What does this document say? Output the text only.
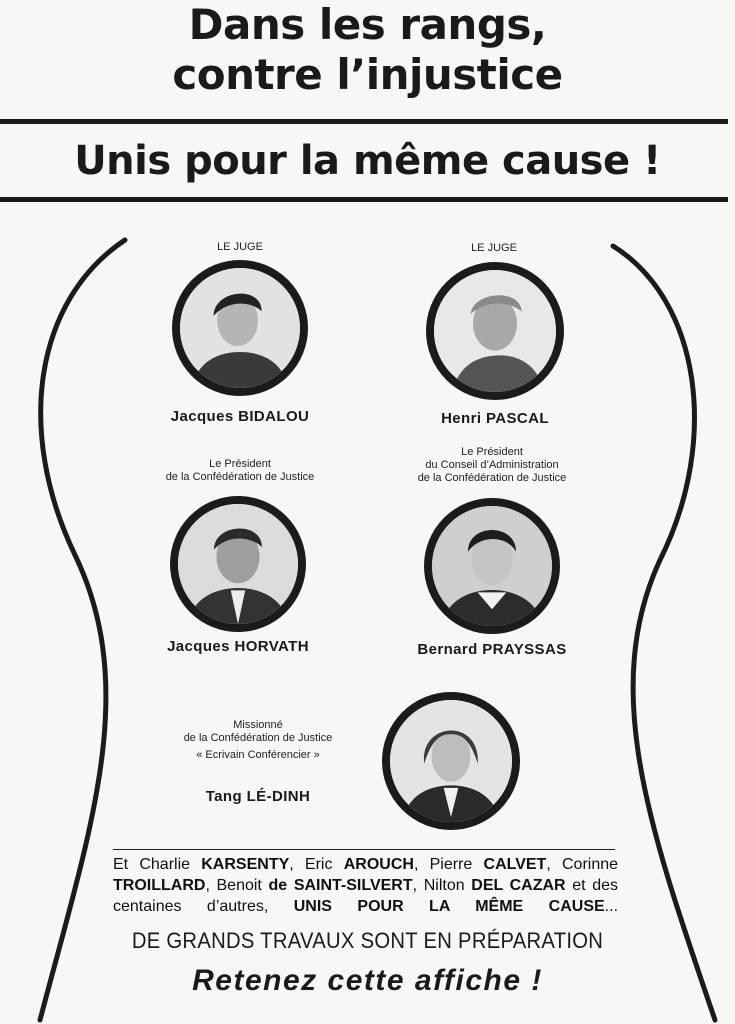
Dans les rangs,
contre l’injustice
Unis pour la même cause !
LE JUGE
Jacques BIDALOU
LE JUGE
Henri PASCAL
Le Président
de la Confédération de Justice
Jacques HORVATH
Le Président
du Conseil d’Administration
de la Confédération de Justice
Bernard PRAYSSAS
Missionné
de la Confédération de Justice
« Ecrivain Conférencier »
Tang LÉ-DINH
Et Charlie KARSENTY, Eric AROUCH, Pierre CALVET, Corinne TROILLARD, Benoit de SAINT-SILVERT, Nilton DEL CAZAR et des centaines d’autres, UNIS POUR LA MÊME CAUSE...
DE GRANDS TRAVAUX SONT EN PRÉPARATION
Retenez cette affiche !
